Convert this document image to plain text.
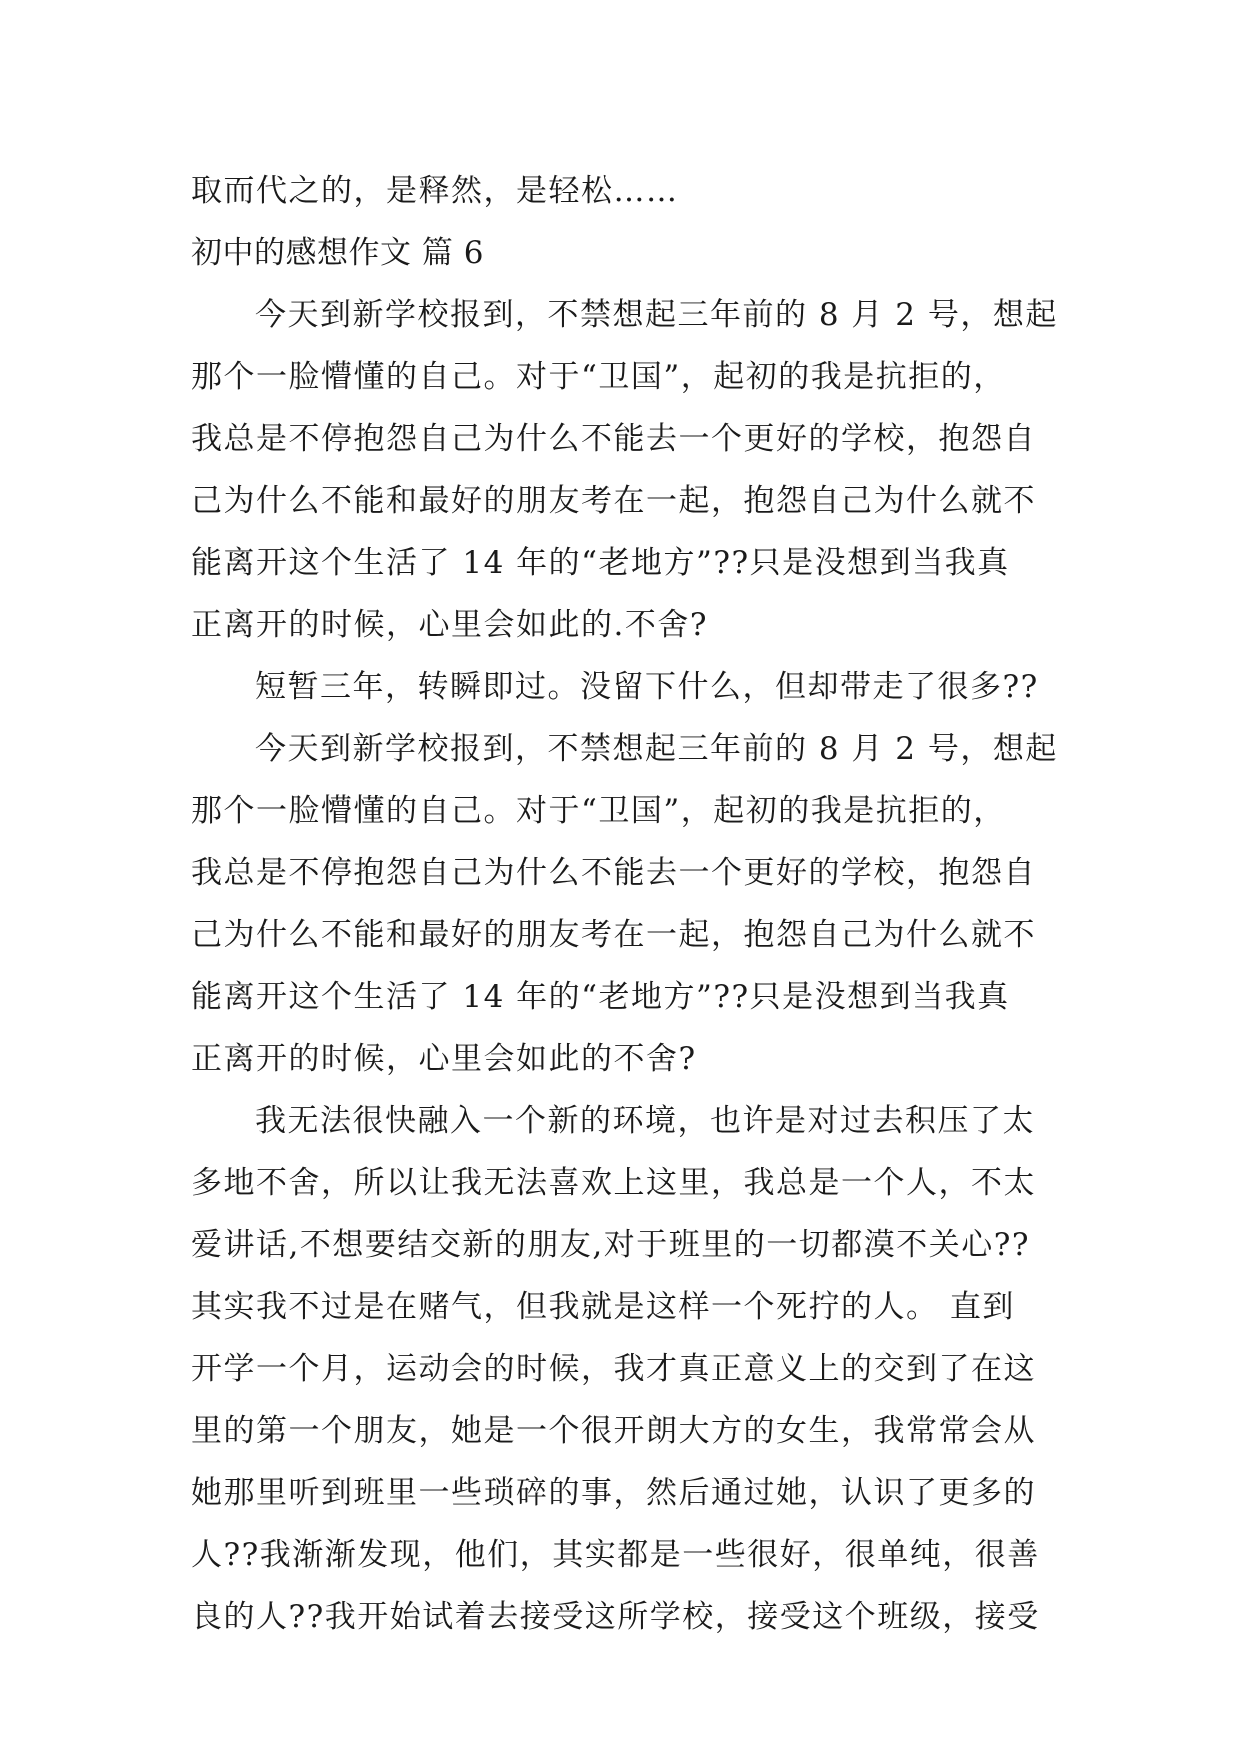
取而代之的，是释然，是轻松……
初中的感想作文 篇 6
今天到新学校报到，不禁想起三年前的 8 月 2 号，想起
那个一脸懵懂的自己。对于“卫国”，起初的我是抗拒的，
我总是不停抱怨自己为什么不能去一个更好的学校，抱怨自
己为什么不能和最好的朋友考在一起，抱怨自己为什么就不
能离开这个生活了 14 年的“老地方”??只是没想到当我真
正离开的时候，心里会如此的.不舍?
短暂三年，转瞬即过。没留下什么，但却带走了很多??
今天到新学校报到，不禁想起三年前的 8 月 2 号，想起
那个一脸懵懂的自己。对于“卫国”，起初的我是抗拒的，
我总是不停抱怨自己为什么不能去一个更好的学校，抱怨自
己为什么不能和最好的朋友考在一起，抱怨自己为什么就不
能离开这个生活了 14 年的“老地方”??只是没想到当我真
正离开的时候，心里会如此的不舍?
我无法很快融入一个新的环境，也许是对过去积压了太
多地不舍，所以让我无法喜欢上这里，我总是一个人，不太
爱讲话,不想要结交新的朋友,对于班里的一切都漠不关心??
其实我不过是在赌气，但我就是这样一个死拧的人。 直到
开学一个月，运动会的时候，我才真正意义上的交到了在这
里的第一个朋友，她是一个很开朗大方的女生，我常常会从
她那里听到班里一些琐碎的事，然后通过她，认识了更多的
人??我渐渐发现，他们，其实都是一些很好，很单纯，很善
良的人??我开始试着去接受这所学校，接受这个班级，接受
